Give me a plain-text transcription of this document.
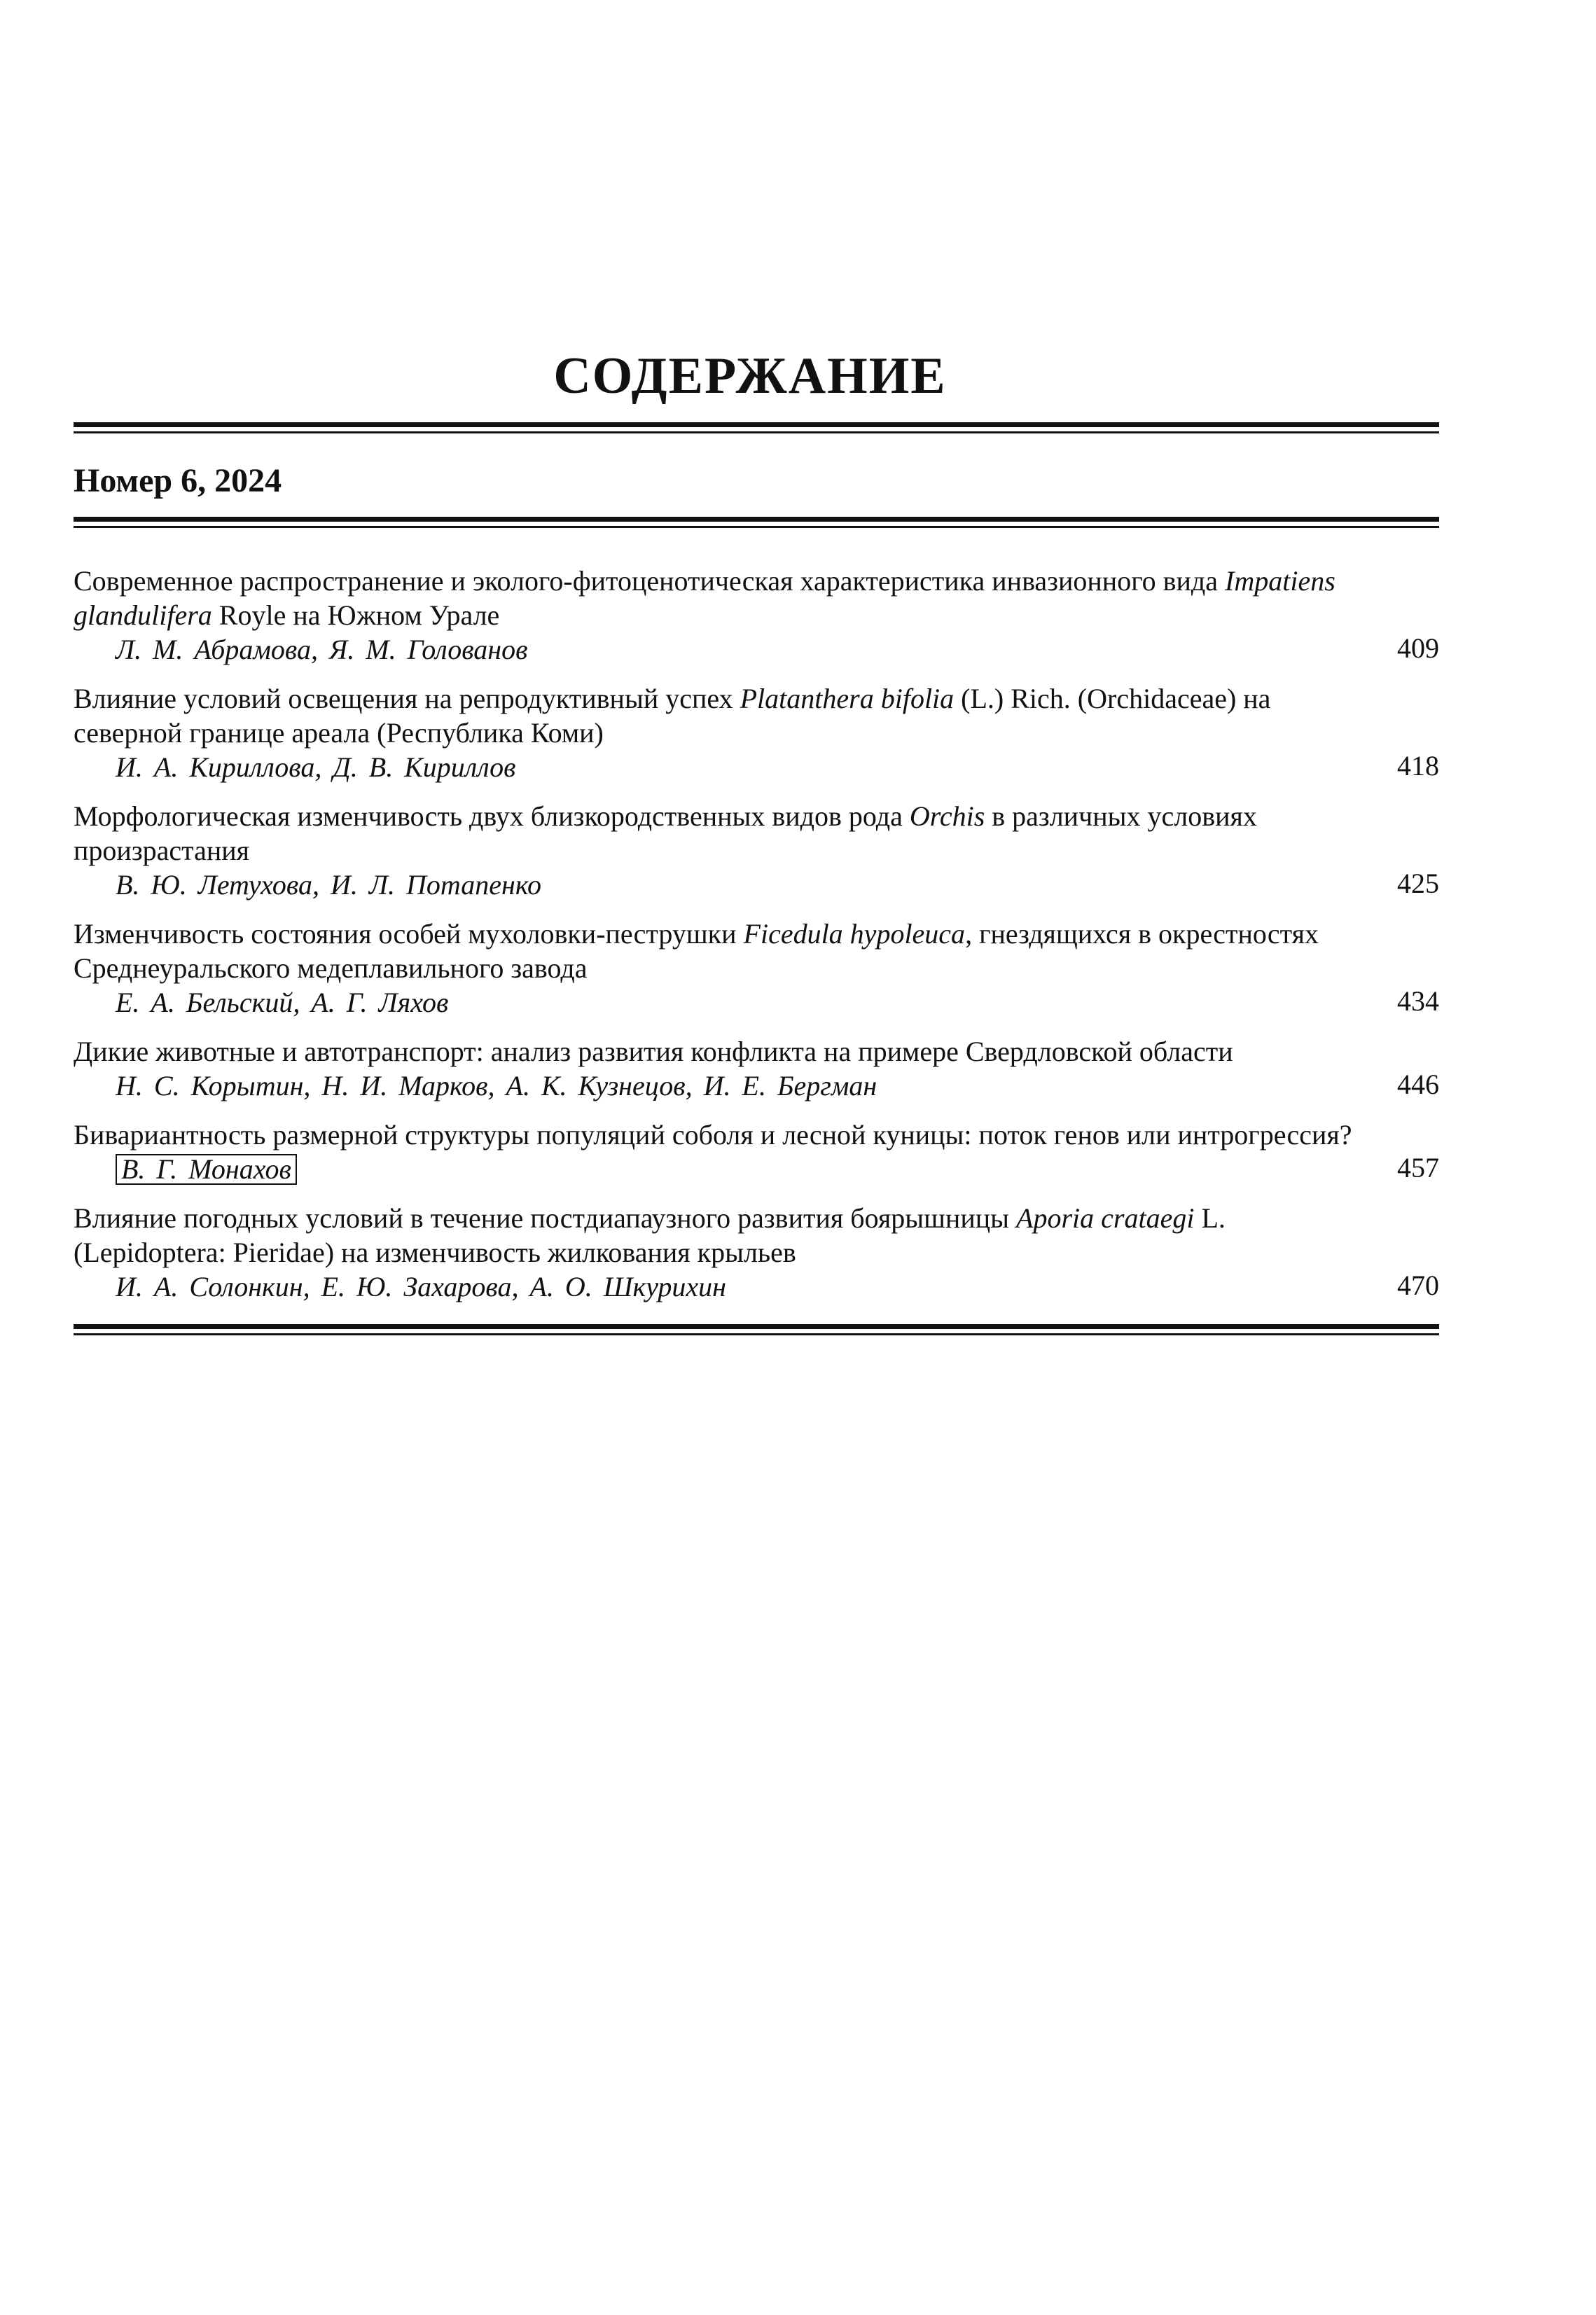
СОДЕРЖАНИЕ
Номер 6, 2024
Современное распространение и эколого-фитоценотическая характеристика инвазионного вида Impatiens glandulifera Royle на Южном Урале
Л. М. Абрамова, Я. М. Голованов	409
Влияние условий освещения на репродуктивный успех Platanthera bifolia (L.) Rich. (Orchidaceae) на северной границе ареала (Республика Коми)
И. А. Кириллова, Д. В. Кириллов	418
Морфологическая изменчивость двух близкородственных видов рода Orchis в различных условиях произрастания
В. Ю. Летухова, И. Л. Потапенко	425
Изменчивость состояния особей мухоловки-пеструшки Ficedula hypoleuca, гнездящихся в окрестностях Среднеуральского медеплавильного завода
Е. А. Бельский, А. Г. Ляхов	434
Дикие животные и автотранспорт: анализ развития конфликта на примере Свердловской области
Н. С. Корытин, Н. И. Марков, А. К. Кузнецов, И. Е. Бергман	446
Бивариантность размерной структуры популяций соболя и лесной куницы: поток генов или интрогрессия?
В. Г. Монахов	457
Влияние погодных условий в течение постдиапаузного развития боярышницы Aporia crataegi L. (Lepidoptera: Pieridae) на изменчивость жилкования крыльев
И. А. Солонкин, Е. Ю. Захарова, А. О. Шкурихин	470
